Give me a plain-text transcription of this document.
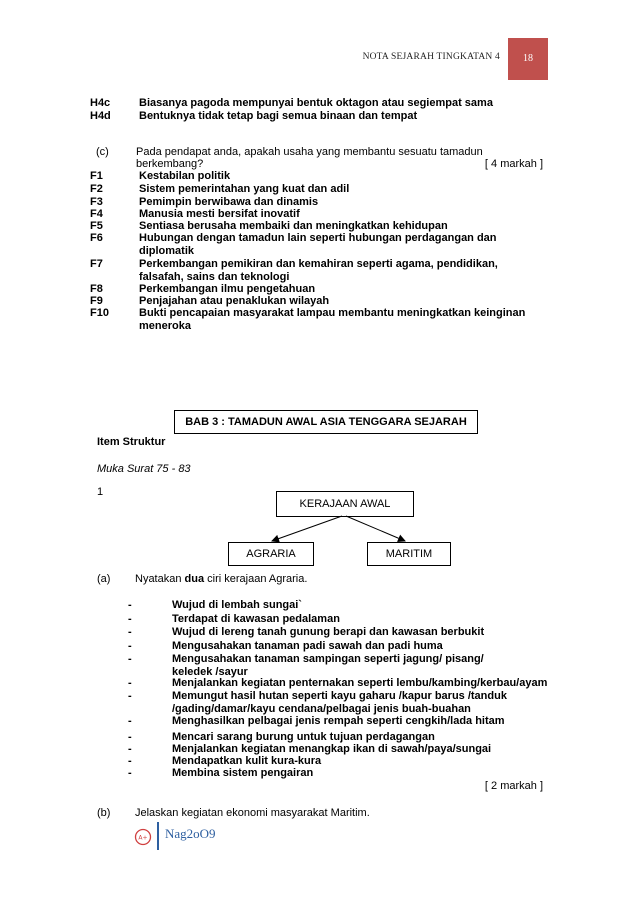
NOTA SEJARAH TINGKATAN 4	18
H4c	Biasanya pagoda mempunyai bentuk oktagon atau segiempat sama
H4d	Bentuknya tidak tetap bagi semua binaan dan tempat
(c) Pada pendapat anda, apakah usaha yang membantu sesuatu tamadun berkembang?	[ 4 markah ]
F1	Kestabilan politik
F2	Sistem pemerintahan yang kuat dan adil
F3	Pemimpin berwibawa dan dinamis
F4	Manusia mesti bersifat inovatif
F5	Sentiasa berusaha membaiki dan meningkatkan kehidupan
F6	Hubungan dengan tamadun lain seperti hubungan perdagangan dan diplomatik
F7	Perkembangan pemikiran dan kemahiran seperti agama, pendidikan, falsafah, sains dan teknologi
F8	Perkembangan ilmu pengetahuan
F9	Penjajahan atau penaklukan wilayah
F10	Bukti pencapaian masyarakat lampau membantu meningkatkan keinginan meneroka
BAB 3 : TAMADUN AWAL ASIA TENGGARA SEJARAH
Item Struktur
Muka Surat 75 - 83
1
KERAJAAN AWAL
AGRARIA	MARITIM
(a) Nyatakan dua ciri kerajaan Agraria.
-	Wujud di lembah sungai`
-	Terdapat di kawasan pedalaman
-	Wujud di lereng tanah gunung berapi dan kawasan berbukit
-	Mengusahakan tanaman padi sawah dan padi huma
-	Mengusahakan tanaman sampingan seperti jagung/ pisang/ keledek /sayur
-	Menjalankan kegiatan penternakan seperti lembu/kambing/kerbau/ayam
-	Memungut hasil hutan seperti kayu gaharu /kapur barus /tanduk /gading/damar/kayu cendana/pelbagai jenis buah-buahan
-	Menghasilkan pelbagai jenis rempah seperti cengkih/lada hitam
-	Mencari sarang burung untuk tujuan perdagangan
-	Menjalankan kegiatan menangkap ikan di sawah/paya/sungai
-	Mendapatkan kulit kura-kura
-	Membina sistem pengairan
[ 2 markah ]
(b) Jelaskan kegiatan ekonomi masyarakat Maritim.
A+ Nag2oO9
